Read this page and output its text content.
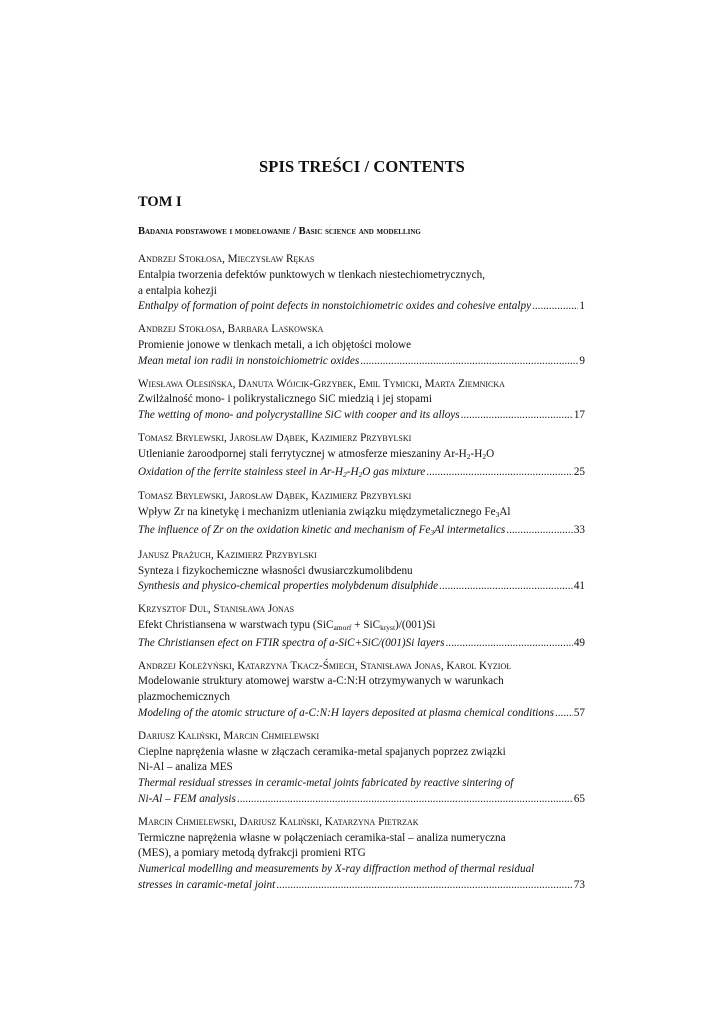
SPIS TREŚCI / CONTENTS
TOM I
Badania podstawowe i modelowanie / Basic science and modelling
Andrzej Stokłosa, Mieczysław Rękas
Entalpia tworzenia defektów punktowych w tlenkach niestechiometrycznych,
a entalpia kohezji
Enthalpy of formation of point defects in nonstoichiometric oxides and cohesive entalpy .....	1
Andrzej Stokłosa, Barbara Laskowska
Promienie jonowe w tlenkach metali, a ich objętości molowe
Mean metal ion radii in nonstoichiometric oxides .....	9
Wiesława Olesińska, Danuta Wójcik-Grzybek, Emil Tymicki, Marta Ziemnicka
Zwilżalność mono- i polikrystalicznego SiC miedzią i jej stopami
The wetting of mono- and polycrystalline SiC with cooper and its alloys .....	17
Tomasz Brylewski, Jarosław Dąbek, Kazimierz Przybylski
Utlenianie żaroodpornej stali ferrytycznej w atmosferze mieszaniny $Ar-H_2-H_2O$
Oxidation of the ferrite stainless steel in $Ar-H_2-H_2O$ gas mixture .....	25
Tomasz Brylewski, Jarosław Dąbek, Kazimierz Przybylski
Wpływ Zr na kinetykę i mechanizm utleniania związku międzymetalicznego $Fe_3Al$
The influence of Zr on the oxidation kinetic and mechanism of $Fe_3Al$ intermetalics .....	33
Janusz Prażuch, Kazimierz Przybylski
Synteza i fizykochemiczne własności dwusiarczkumolibdenu
Synthesis and physico-chemical properties molybdenum disulphide .....	41
Krzysztof Dul, Stanisława Jonas
Efekt Christiansena w warstwach typu (SiC$_{amorf}$ + SiC$_{kryst}$)/(001)Si
The Christiansen efect on FTIR spectra of a-SiC+SiC/(001)Si layers .....	49
Andrzej Koleżyński, Katarzyna Tkacz-Śmiech, Stanisława Jonas, Karol Kyzioł
Modelowanie struktury atomowej warstw a-C:N:H otrzymywanych w warunkach
plazmochemicznych
Modeling of the atomic structure of a-C:N:H layers deposited at plasma chemical conditions ..... 57
Dariusz Kaliński, Marcin Chmielewski
Cieplne naprężenia własne w złączach ceramika-metal spajanych poprzez związki
Ni-Al – analiza MES
Thermal residual stresses in ceramic-metal joints fabricated by reactive sintering of
Ni-Al – FEM analysis .....	65
Marcin Chmielewski, Dariusz Kaliński, Katarzyna Pietrzak
Termiczne naprężenia własne w połączeniach ceramika-stal – analiza numeryczna
(MES), a pomiary metodą dyfrakcji promieni RTG
Numerical modelling and measurements by X-ray diffraction method of thermal residual
stresses in caramic-metal joint .....	73
